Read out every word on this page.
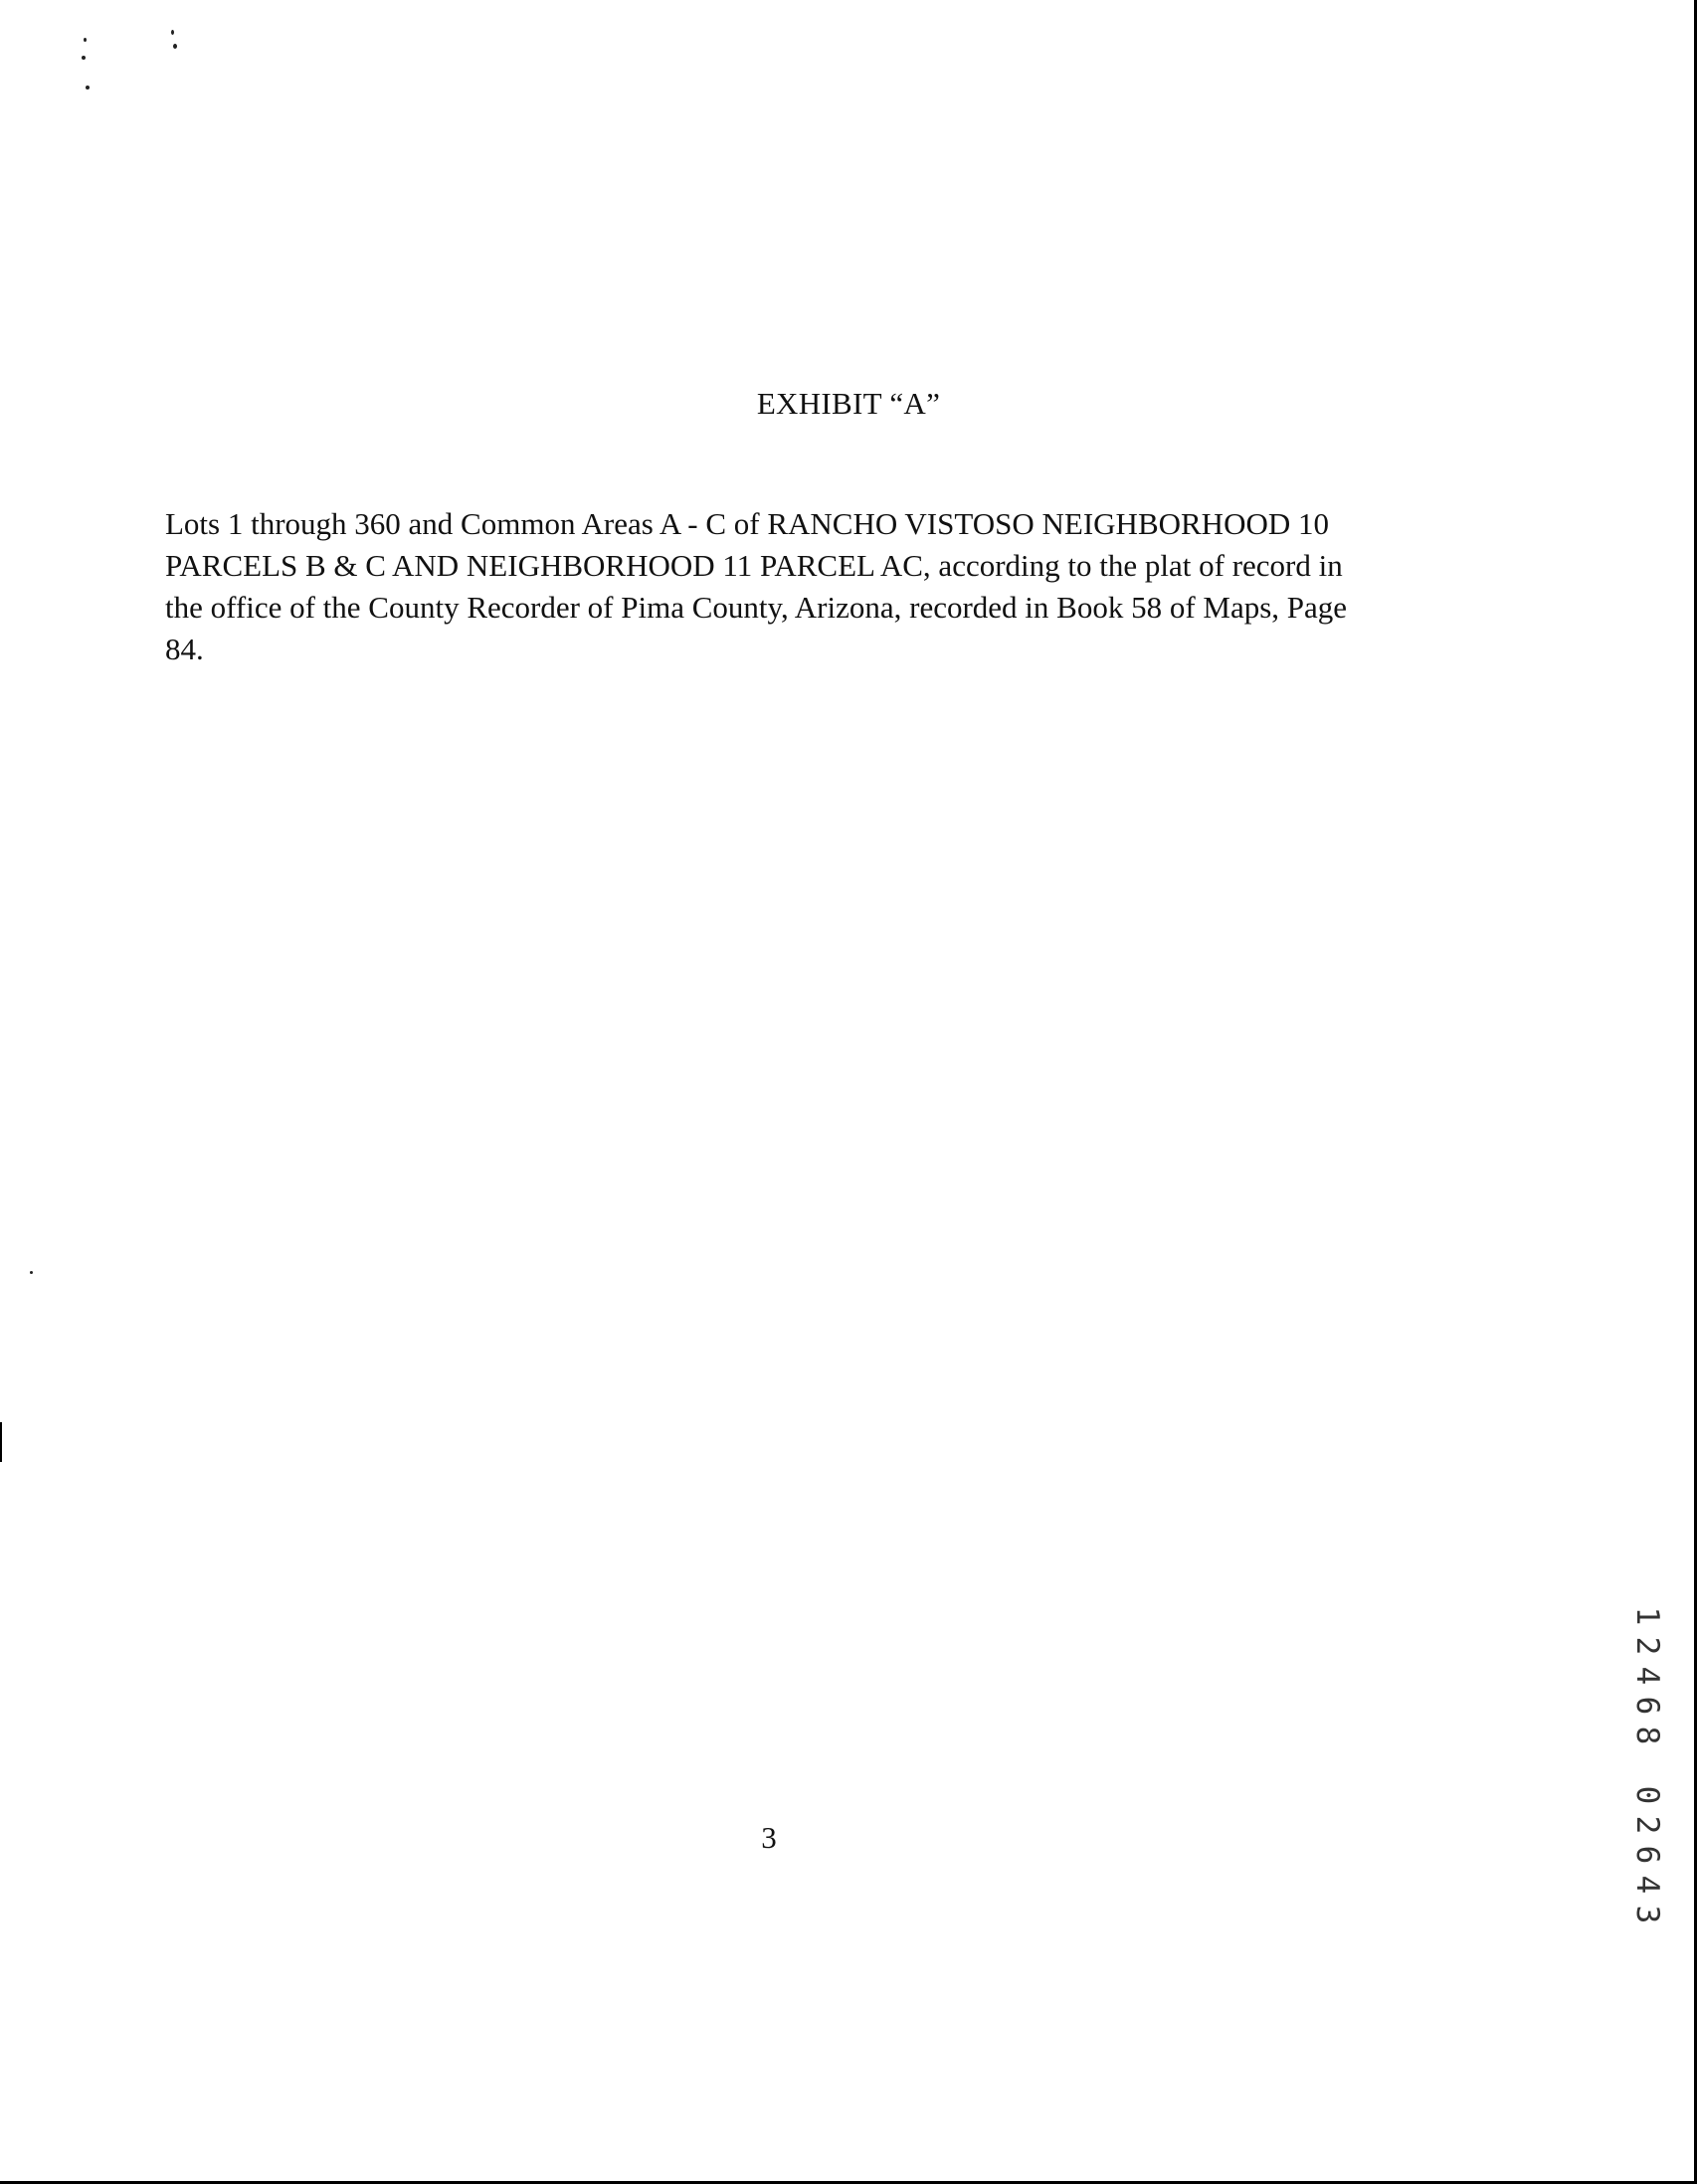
EXHIBIT “A”
Lots 1 through 360 and Common Areas A - C of RANCHO VISTOSO NEIGHBORHOOD 10
PARCELS B & C AND NEIGHBORHOOD 11 PARCEL AC, according to the plat of record in
the office of the County Recorder of Pima County, Arizona, recorded in Book 58 of Maps, Page
84.
3
1
2
4
6
8
0
2
6
4
3
